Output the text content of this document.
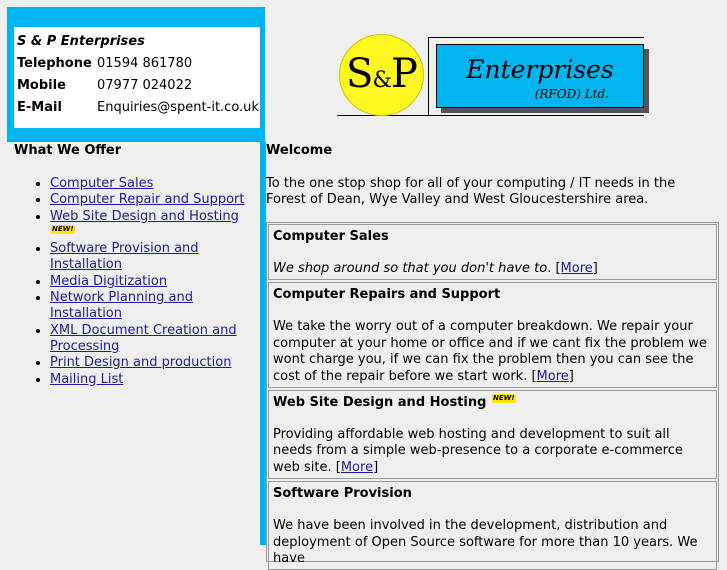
S & P Enterprises	
Telephone	01594 861780
Mobile	07977 024022
E-Mail	Enquiries@spent-it.co.uk
What We Offer
• Computer Sales
• Computer Repair and Support
• Web Site Design and HostingNEW!
• Software Provision and Installation
• Media Digitization
• Network Planning and Installation
• XML Document Creation and Processing
• Print Design and production
• Mailing List
S&P	Enterprises
(RFOD) Ltd.
Welcome

To the one stop shop for all of your computing / IT needs in the Forest of Dean, Wye Valley and West Gloucestershire area.

Computer Sales

We shop around so that you don't have to. [More]

Computer Repairs and Support

We take the worry out of a computer breakdown. We repair your computer at your home or office and if we cant fix the problem we wont charge you, if we can fix the problem then you can see the cost of the repair before we start work. [More]

Web Site Design and Hosting NEW!

Providing affordable web hosting and development to suit all needs from a simple web-presence to a corporate e-commerce web site. [More]

Software Provision

We have been involved in the development, distribution and deployment of Open Source software for more than 10 years. We have
